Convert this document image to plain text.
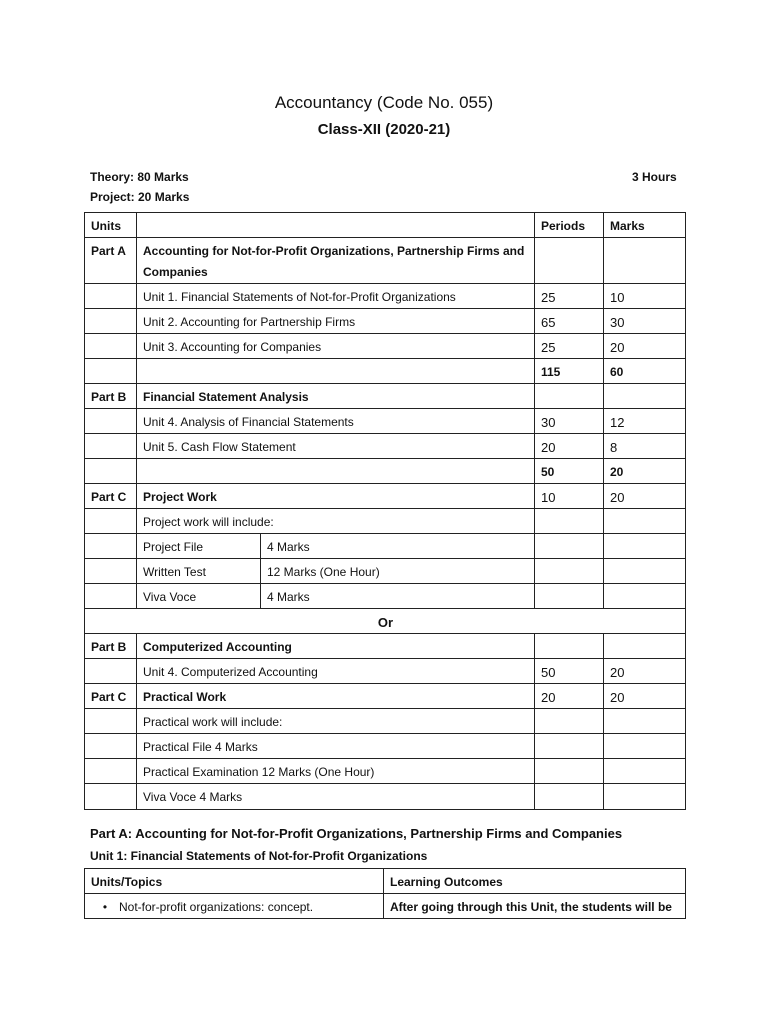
Accountancy (Code No. 055)
Class-XII (2020-21)
Theory: 80 Marks
Project: 20 Marks
3 Hours
Units			Periods	Marks
Part A	Accounting for Not-for-Profit Organizations, Partnership Firms and Companies			
	Unit 1. Financial Statements of Not-for-Profit Organizations		25	10
	Unit 2. Accounting for Partnership Firms		65	30
	Unit 3. Accounting for Companies		25	20
			115	60
Part B	Financial Statement Analysis			
	Unit 4. Analysis of Financial Statements		30	12
	Unit 5. Cash Flow Statement		20	8
			50	20
Part C	Project Work		10	20
	Project work will include:			
	Project File	4 Marks		
	Written Test	12 Marks (One Hour)		
	Viva Voce	4 Marks		
Or				
Part B	Computerized Accounting			
	Unit 4. Computerized Accounting		50	20
Part C	Practical Work		20	20
	Practical work will include:			
	Practical File 4 Marks			
	Practical Examination 12 Marks (One Hour)			
	Viva Voce 4 Marks			
Part A: Accounting for Not-for-Profit Organizations, Partnership Firms and Companies
Unit 1: Financial Statements of Not-for-Profit Organizations
Units/Topics	Learning Outcomes
• Not-for-profit organizations: concept.	After going through this Unit, the students will be
